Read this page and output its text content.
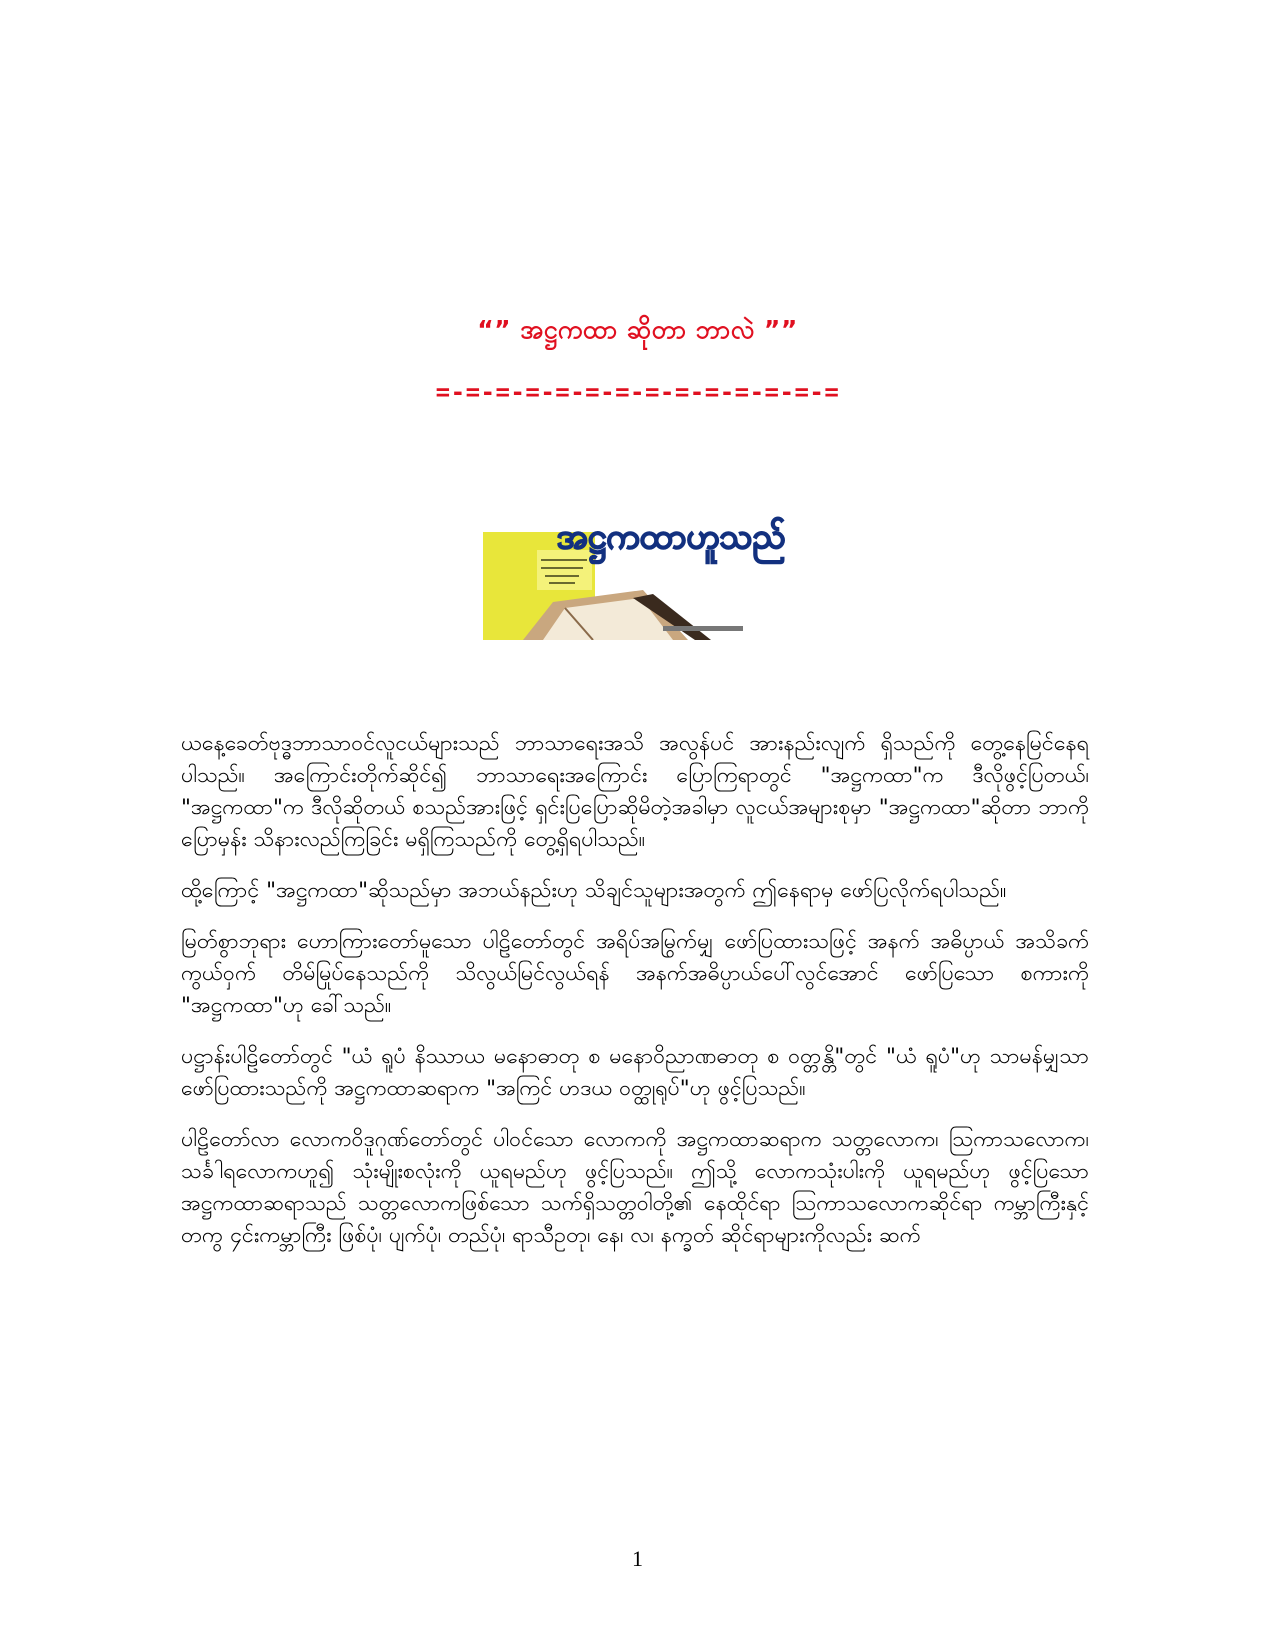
“” အဋ္ဌကထာ ဆိုတာ ဘာလဲ ””
=-=-=-=-=-=-=-=-=-=-=-=-=-=
အဋ္ဌကထာဟူသည်

ယနေ့ခေတ်ဗုဒ္ဓဘာသာဝင်လူငယ်များသည် ဘာသာရေးအသိ အလွန်ပင် အားနည်းလျက် ရှိသည်ကို တွေ့နေမြင်နေရပါသည်။ အကြောင်းတိုက်ဆိုင်၍ ဘာသာရေးအကြောင်း ပြောကြရာတွင် "အဋ္ဌကထာ"က ဒီလိုဖွင့်ပြတယ်၊ "အဋ္ဌကထာ"က ဒီလိုဆိုတယ် စသည်အားဖြင့် ရှင်းပြပြောဆိုမိတဲ့အခါမှာ လူငယ်အများစုမှာ "အဋ္ဌကထာ"ဆိုတာ ဘာကိုပြောမှန်း သိနားလည်ကြခြင်း မရှိကြသည်ကို တွေ့ရှိရပါသည်။

ထို့ကြောင့် "အဋ္ဌကထာ"ဆိုသည်မှာ အဘယ်နည်းဟု သိချင်သူများအတွက် ဤနေရာမှ ဖော်ပြလိုက်ရပါသည်။

မြတ်စွာဘုရား ဟောကြားတော်မူသော ပါဠိတော်တွင် အရိပ်အမြွက်မျှ ဖော်ပြထားသဖြင့် အနက် အဓိပ္ပာယ် အသိခက် ကွယ်ဝှက် တိမ်မြုပ်နေသည်ကို သိလွယ်မြင်လွယ်ရန် အနက်အဓိပ္ပာယ်ပေါ်လွင်အောင် ဖော်ပြသော စကားကို "အဋ္ဌကထာ"ဟု ခေါ်သည်။

ပဋ္ဌာန်းပါဠိတော်တွင် "ယံ ရူပံ နိဿာယ မနောဓာတု စ မနောဝိညာဏဓာတု စ ဝတ္တန္တိ"တွင် "ယံ ရူပံ"ဟု သာမန်မျှသာ ဖော်ပြထားသည်ကို အဋ္ဌကထာဆရာက "အကြင် ဟဒယ ဝတ္ထုရုပ်"ဟု ဖွင့်ပြသည်။

ပါဠိတော်လာ လောကဝိဒူဂုဏ်တော်တွင် ပါဝင်သော လောကကို အဋ္ဌကထာဆရာက သတ္တလောက၊ ဩကာသလောက၊ သင်္ခါရလောကဟူ၍ သုံးမျိုးစလုံးကို ယူရမည်ဟု ဖွင့်ပြသည်။ ဤသို့ လောကသုံးပါးကို ယူရမည်ဟု ဖွင့်ပြသော အဋ္ဌကထာဆရာသည် သတ္တလောကဖြစ်သော သက်ရှိသတ္တဝါတို့၏ နေထိုင်ရာ ဩကာသလောကဆိုင်ရာ ကမ္ဘာကြီးနှင့်တကွ ၄င်းကမ္ဘာကြီး ဖြစ်ပုံ၊ ပျက်ပုံ၊ တည်ပုံ၊ ရာသီဥတု၊ နေ၊ လ၊ နက္ခတ် ဆိုင်ရာများကိုလည်း ဆက်

1
